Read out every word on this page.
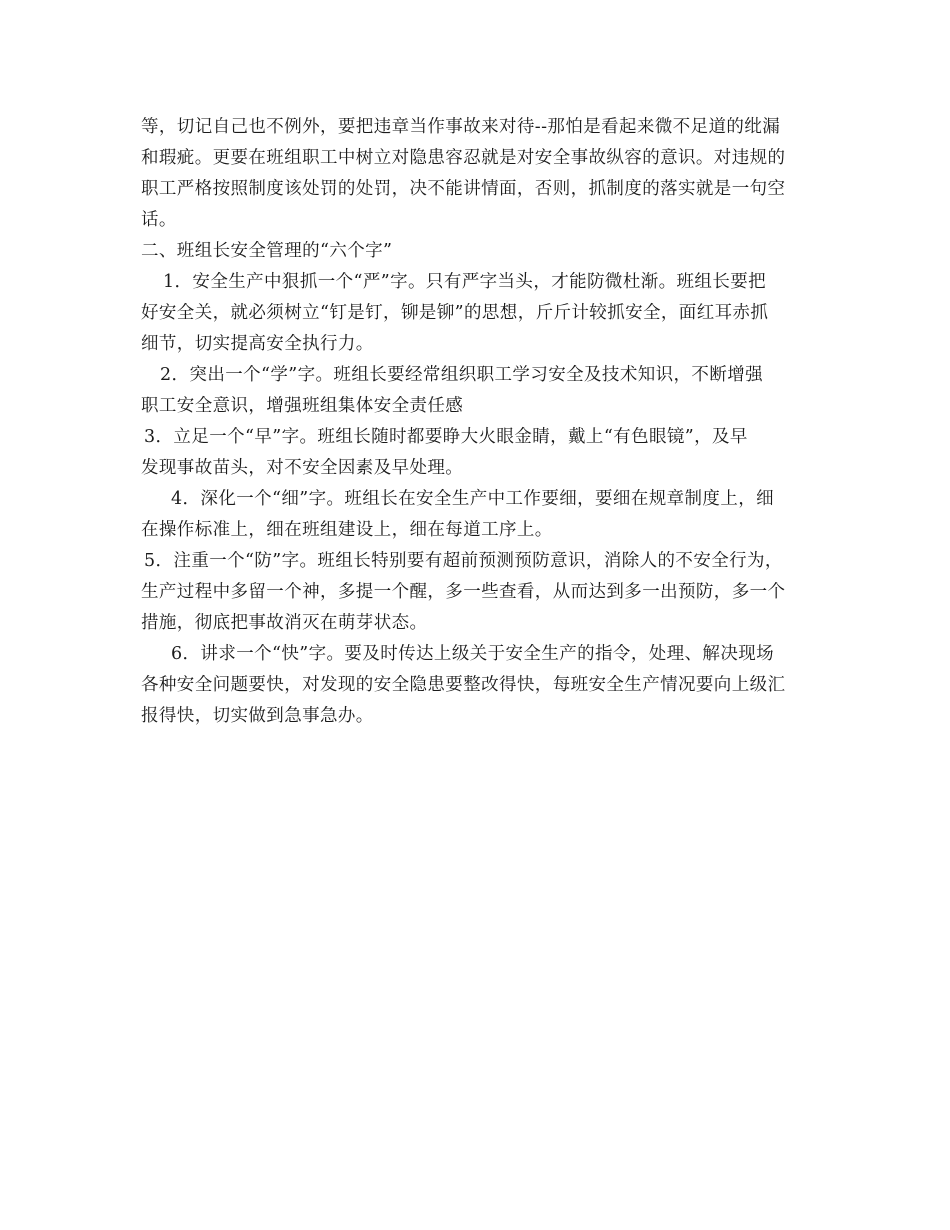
等，切记自己也不例外，要把违章当作事故来对待--那怕是看起来微不足道的纰漏
和瑕疵。更要在班组职工中树立对隐患容忍就是对安全事故纵容的意识。对违规的
职工严格按照制度该处罚的处罚，决不能讲情面，否则，抓制度的落实就是一句空
话。
二、班组长安全管理的“六个字”
1．安全生产中狠抓一个“严”字。只有严字当头，才能防微杜渐。班组长要把
好安全关，就必须树立“钉是钉，铆是铆”的思想，斤斤计较抓安全，面红耳赤抓
细节，切实提高安全执行力。
2．突出一个“学”字。班组长要经常组织职工学习安全及技术知识，不断增强
职工安全意识，增强班组集体安全责任感
3．立足一个“早”字。班组长随时都要睁大火眼金睛，戴上“有色眼镜”，及早
发现事故苗头，对不安全因素及早处理。
4．深化一个“细”字。班组长在安全生产中工作要细，要细在规章制度上，细
在操作标准上，细在班组建设上，细在每道工序上。
5．注重一个“防”字。班组长特别要有超前预测预防意识，消除人的不安全行为，
生产过程中多留一个神，多提一个醒，多一些查看，从而达到多一出预防，多一个
措施，彻底把事故消灭在萌芽状态。
6．讲求一个“快”字。要及时传达上级关于安全生产的指令，处理、解决现场
各种安全问题要快，对发现的安全隐患要整改得快，每班安全生产情况要向上级汇
报得快，切实做到急事急办。
